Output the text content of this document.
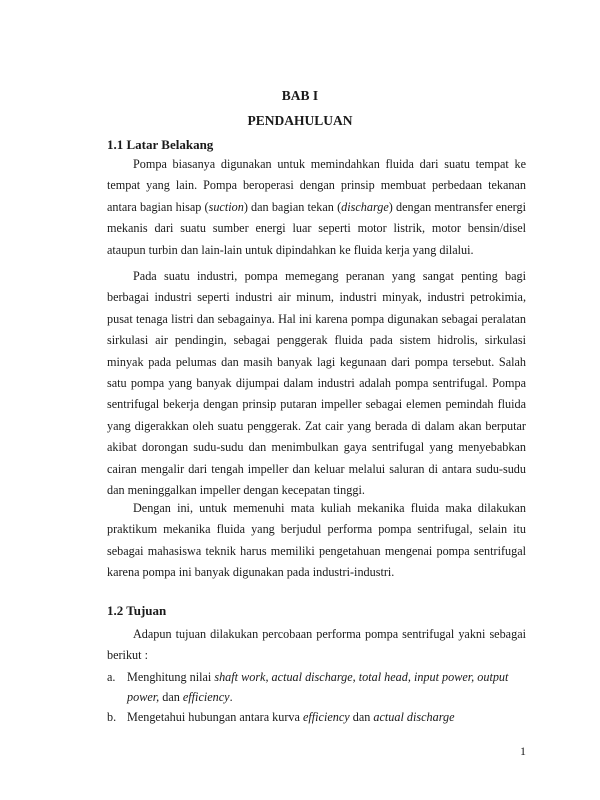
BAB I
PENDAHULUAN
1.1 Latar Belakang

Pompa biasanya digunakan untuk memindahkan fluida dari suatu tempat ke tempat yang lain. Pompa beroperasi dengan prinsip membuat perbedaan tekanan antara bagian hisap (suction) dan bagian tekan (discharge) dengan mentransfer energi mekanis dari suatu sumber energi luar seperti motor listrik, motor bensin/disel ataupun turbin dan lain-lain untuk dipindahkan ke fluida kerja yang dilalui.

Pada suatu industri, pompa memegang peranan yang sangat penting bagi berbagai industri seperti industri air minum, industri minyak, industri petrokimia, pusat tenaga listri dan sebagainya. Hal ini karena pompa digunakan sebagai peralatan sirkulasi air pendingin, sebagai penggerak fluida pada sistem hidrolis, sirkulasi minyak pada pelumas dan masih banyak lagi kegunaan dari pompa tersebut. Salah satu pompa yang banyak dijumpai dalam industri adalah pompa sentrifugal. Pompa sentrifugal bekerja dengan prinsip putaran impeller sebagai elemen pemindah fluida yang digerakkan oleh suatu penggerak. Zat cair yang berada di dalam akan berputar akibat dorongan sudu-sudu dan menimbulkan gaya sentrifugal yang menyebabkan cairan mengalir dari tengah impeller dan keluar melalui saluran di antara sudu-sudu dan meninggalkan impeller dengan kecepatan tinggi.

Dengan ini, untuk memenuhi mata kuliah mekanika fluida maka dilakukan praktikum mekanika fluida yang berjudul performa pompa sentrifugal, selain itu sebagai mahasiswa teknik harus memiliki pengetahuan mengenai pompa sentrifugal karena pompa ini banyak digunakan pada industri-industri.

1.2 Tujuan

Adapun tujuan dilakukan percobaan performa pompa sentrifugal yakni sebagai berikut :

a. Menghitung nilai shaft work, actual discharge, total head, input power, output power, dan efficiency.
b. Mengetahui hubungan antara kurva efficiency dan actual discharge
1
